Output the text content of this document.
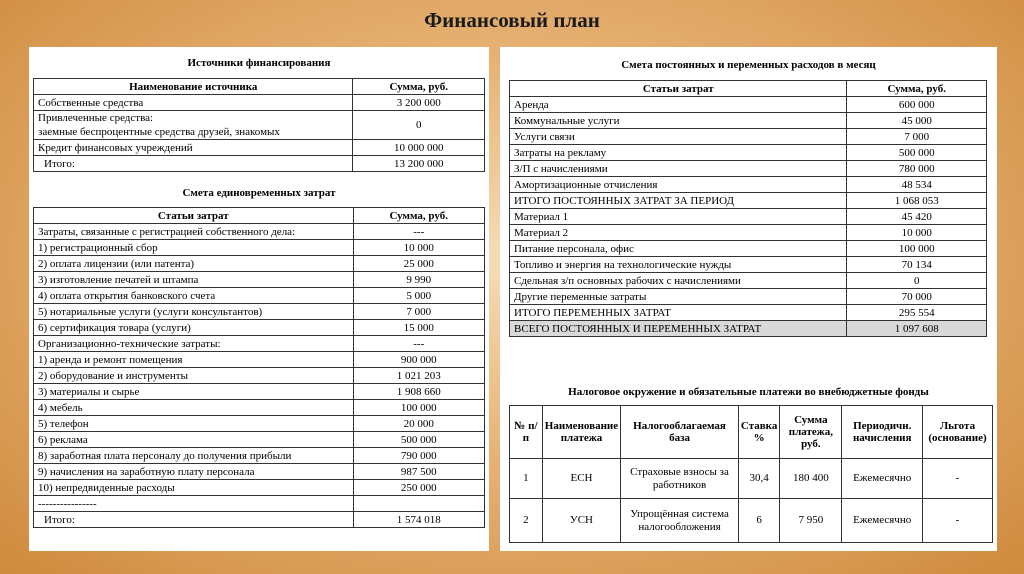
Финансовый план
Источники финансирования
Наименование источника	Сумма, руб.
Собственные средства	3 200 000

Привлеченные средства:
заемные беспроцентные средства друзей, знакомых	0
Кредит финансовых учреждений	10 000 000
Итого:	13 200 000
Смета единовременных затрат
Статьи затрат	Сумма, руб.
Затраты, связанные с регистрацией собственного дела:	---
1) регистрационный сбор	10 000
2) оплата лицензии (или патента)	25 000
3) изготовление печатей и штампа	9 990
4) оплата открытия банковского счета	5 000
5) нотариальные услуги (услуги консультантов)	7 000
6) сертификация товара (услуги)	15 000
Организационно-технические затраты:	---
1) аренда и ремонт помещения	900 000
2) оборудование и инструменты	1 021 203
3) материалы и сырье	1 908 660
4) мебель	100 000
5) телефон	20 000
6) реклама	500 000
8) заработная плата персоналу до получения прибыли	790 000
9) начисления на заработную плату персонала	987 500
10) непредвиденные расходы	250 000
----------------	
Итого:	1 574 018
Смета постоянных и переменных расходов в месяц
Статьи затрат	Сумма, руб.
Аренда	600 000
Коммунальные услуги	45 000
Услуги связи	7 000
Затраты на рекламу	500 000
З/П с начислениями	780 000
Амортизационные отчисления	48 534
ИТОГО ПОСТОЯННЫХ ЗАТРАТ ЗА ПЕРИОД	1 068 053
Материал 1	45 420
Материал 2	10 000
Питание персонала, офис	100 000
Топливо и энергия на технологические нужды	70 134
Сдельная з/п основных рабочих с начислениями	0
Другие переменные затраты	70 000
ИТОГО ПЕРЕМЕННЫХ ЗАТРАТ	295 554
ВСЕГО ПОСТОЯННЫХ И ПЕРЕМЕННЫХ ЗАТРАТ	1 097 608
Налоговое окружение и обязательные платежи во внебюджетные фонды
№ п/п	Наименование платежа	Налогооблагаемая база	Ставка %	Сумма платежа, руб.	Периодичн. начисления	Льгота (основание)
1	ЕСН	Страховые взносы за работников	30,4	180 400	Ежемесячно	-
2	УСН	Упрощённая система налогообложения	6	7 950	Ежемесячно	-
